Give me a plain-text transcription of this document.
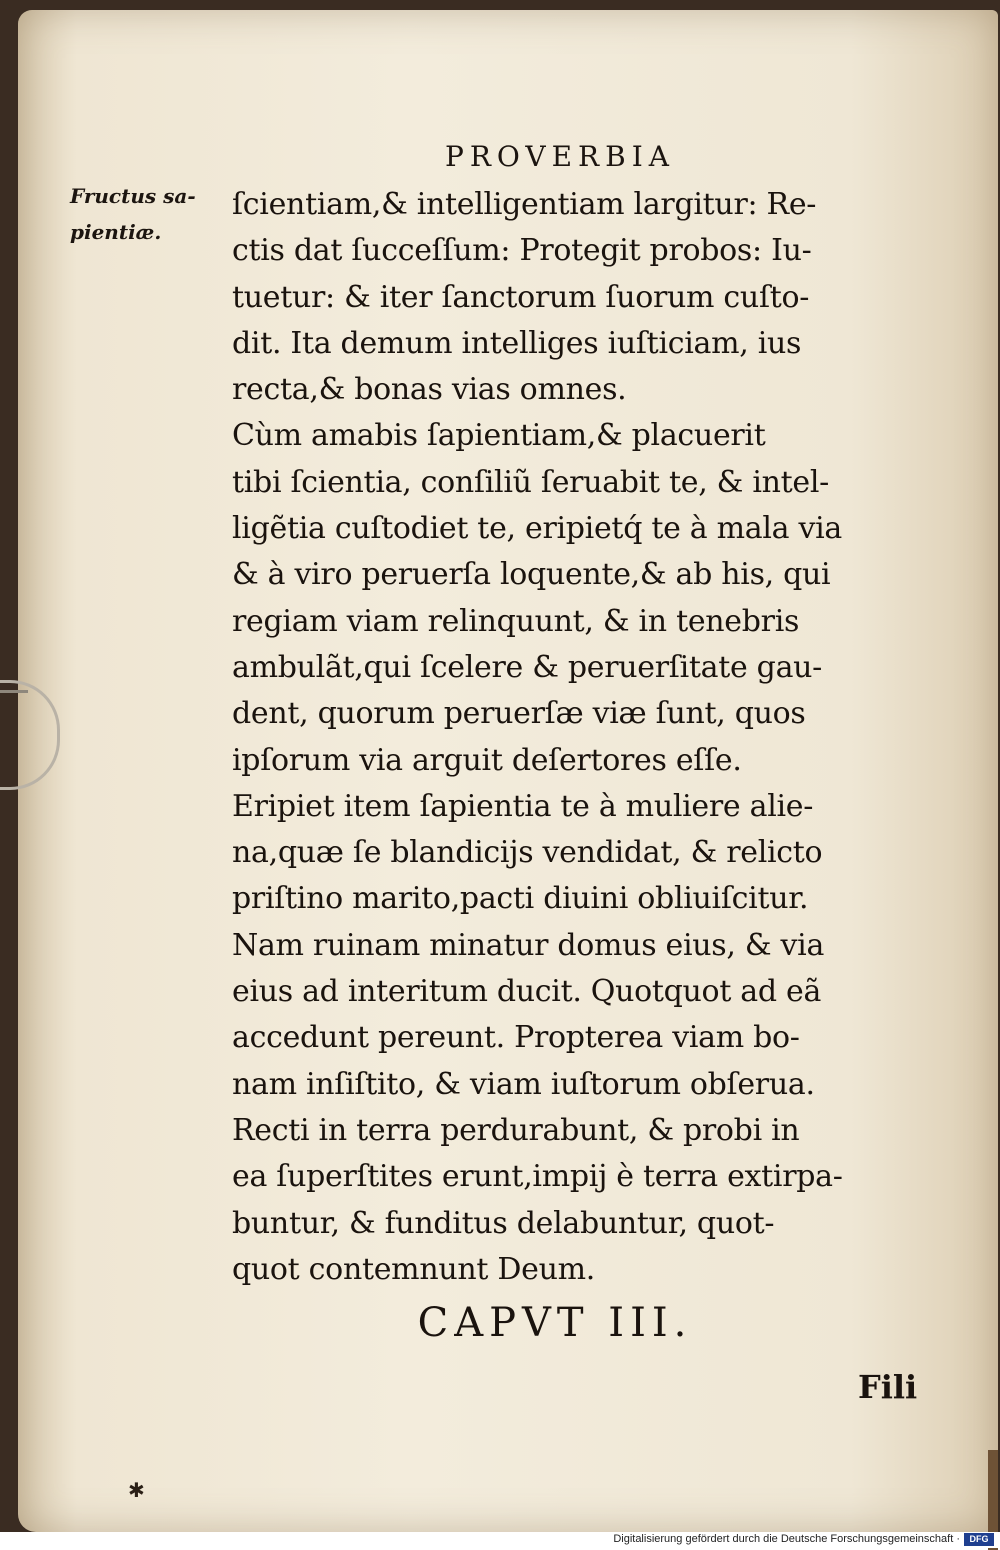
PROVERBIA
Fructus sa-
pientiæ.
ſcientiam,& intelligentiam largitur: Re-
ctis dat ſucceſſum: Protegit probos: Iu-
tuetur: & iter ſanctorum ſuorum cuſto-
dit. Ita demum intelliges iuſticiam, ius
recta,& bonas vias omnes.
Cùm amabis ſapientiam,& placuerit
tibi ſcientia, conſiliũ ſeruabit te, & intel-
ligẽtia cuſtodiet te, eripietq́ te à mala via
& à viro peruerſa loquente,& ab his, qui
regiam viam relinquunt, & in tenebris
ambulãt,qui ſcelere & peruerſitate gau-
dent, quorum peruerſæ viæ ſunt, quos
ipſorum via arguit deſertores eſſe.
Eripiet item ſapientia te à muliere alie-
na,quæ ſe blandicijs vendidat, & relicto
priſtino marito,pacti diuini obliuiſcitur.
Nam ruinam minatur domus eius, & via
eius ad interitum ducit. Quotquot ad eã
accedunt pereunt. Propterea viam bo-
nam inſiſtito, & viam iuſtorum obſerua.
Recti in terra perdurabunt, & probi in
ea ſuperſtites erunt,impij è terra extirpa-
buntur, & funditus delabuntur, quot-
quot contemnunt Deum.
CAPVT III.
Fili
✱
Digitalisierung gefördert durch die Deutsche Forschungsgemeinschaft ·	DFG
